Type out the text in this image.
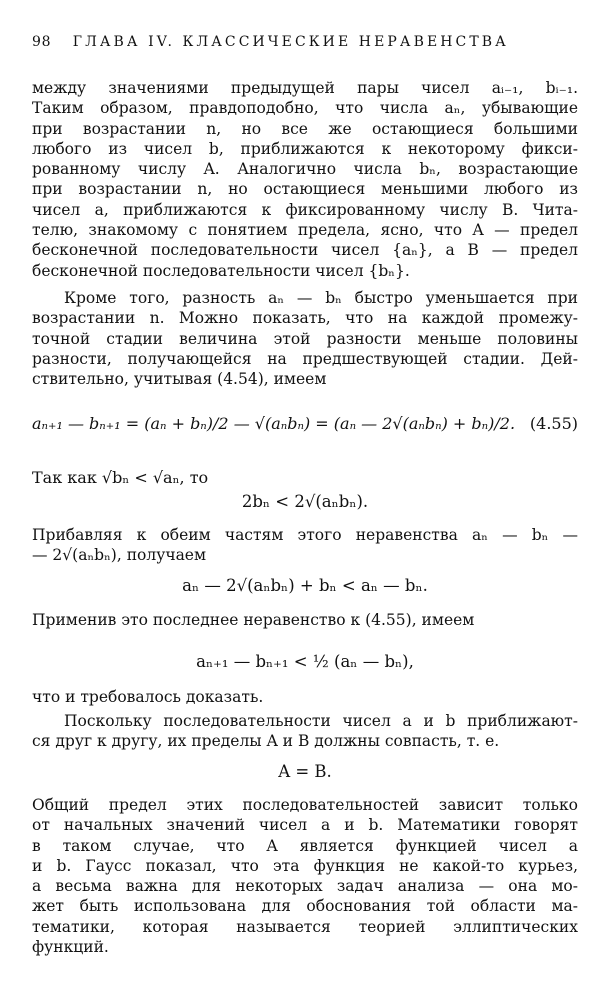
98 ГЛАВА IV. КЛАССИЧЕСКИЕ НЕРАВЕНСТВА
между значениями предыдущей пары чисел aᵢ₋₁, bᵢ₋₁.
Таким образом, правдоподобно, что числа aₙ, убывающие
при возрастании n, но все же остающиеся большими
любого из чисел b, приближаются к некоторому фикси-
рованному числу A. Аналогично числа bₙ, возрастающие
при возрастании n, но остающиеся меньшими любого из
чисел a, приближаются к фиксированному числу B. Чита-
телю, знакомому с понятием предела, ясно, что A — предел
бесконечной последовательности чисел {aₙ}, а B — предел
бесконечной последовательности чисел {bₙ}.
Кроме того, разность aₙ — bₙ быстро уменьшается при
возрастании n. Можно показать, что на каждой промежу-
точной стадии величина этой разности меньше половины
разности, получающейся на предшествующей стадии. Дей-
ствительно, учитывая (4.54), имеем
aₙ₊₁ — bₙ₊₁ = (aₙ + bₙ)/2 — √(aₙbₙ) = (aₙ — 2√(aₙbₙ) + bₙ)/2. (4.55)
Так как √bₙ < √aₙ, то
2bₙ < 2√(aₙbₙ).
Прибавляя к обеим частям этого неравенства aₙ — bₙ —
— 2√(aₙbₙ), получаем
aₙ — 2√(aₙbₙ) + bₙ < aₙ — bₙ.
Применив это последнее неравенство к (4.55), имеем
aₙ₊₁ — bₙ₊₁ < ½ (aₙ — bₙ),
что и требовалось доказать.
Поскольку последовательности чисел a и b приближают-
ся друг к другу, их пределы A и B должны совпасть, т. е.
A = B.
Общий предел этих последовательностей зависит только
от начальных значений чисел a и b. Математики говорят
в таком случае, что A является функцией чисел a
и b. Гаусс показал, что эта функция не какой-то курьез,
а весьма важна для некоторых задач анализа — она мо-
жет быть использована для обоснования той области ма-
тематики, которая называется теорией эллиптических
функций.
